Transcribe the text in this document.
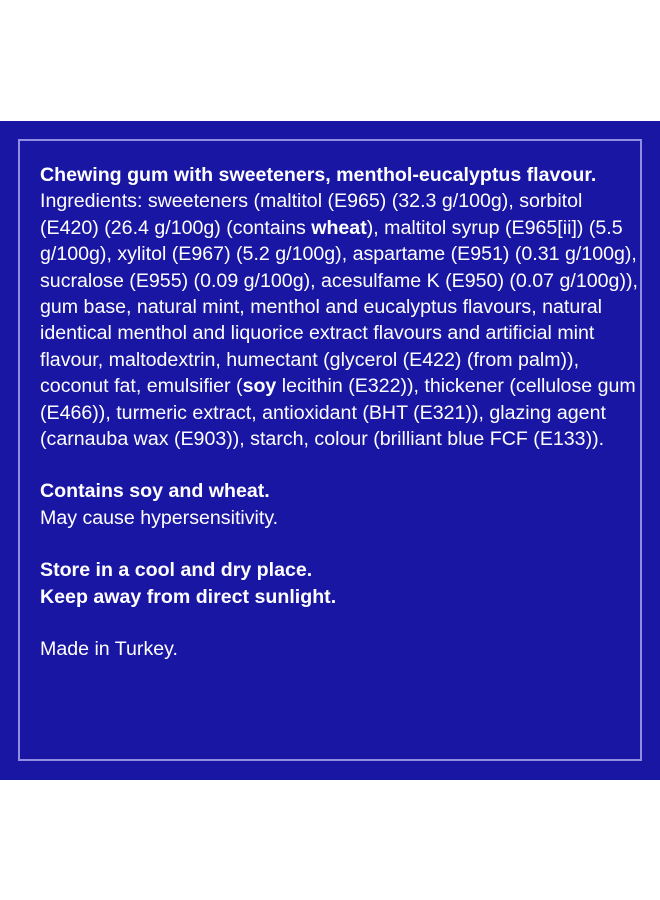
Chewing gum with sweeteners, menthol-eucalyptus flavour. Ingredients: sweeteners (maltitol (E965) (32.3 g/100g), sorbitol (E420) (26.4 g/100g) (contains wheat), maltitol syrup (E965[ii]) (5.5 g/100g), xylitol (E967) (5.2 g/100g), aspartame (E951) (0.31 g/100g), sucralose (E955) (0.09 g/100g), acesulfame K (E950) (0.07 g/100g)), gum base, natural mint, menthol and eucalyptus flavours, natural identical menthol and liquorice extract flavours and artificial mint flavour, maltodextrin, humectant (glycerol (E422) (from palm)), coconut fat, emulsifier (soy lecithin (E322)), thickener (cellulose gum (E466)), turmeric extract, antioxidant (BHT (E321)), glazing agent (carnauba wax (E903)), starch, colour (brilliant blue FCF (E133)).

Contains soy and wheat.
May cause hypersensitivity.

Store in a cool and dry place.
Keep away from direct sunlight.

Made in Turkey.
